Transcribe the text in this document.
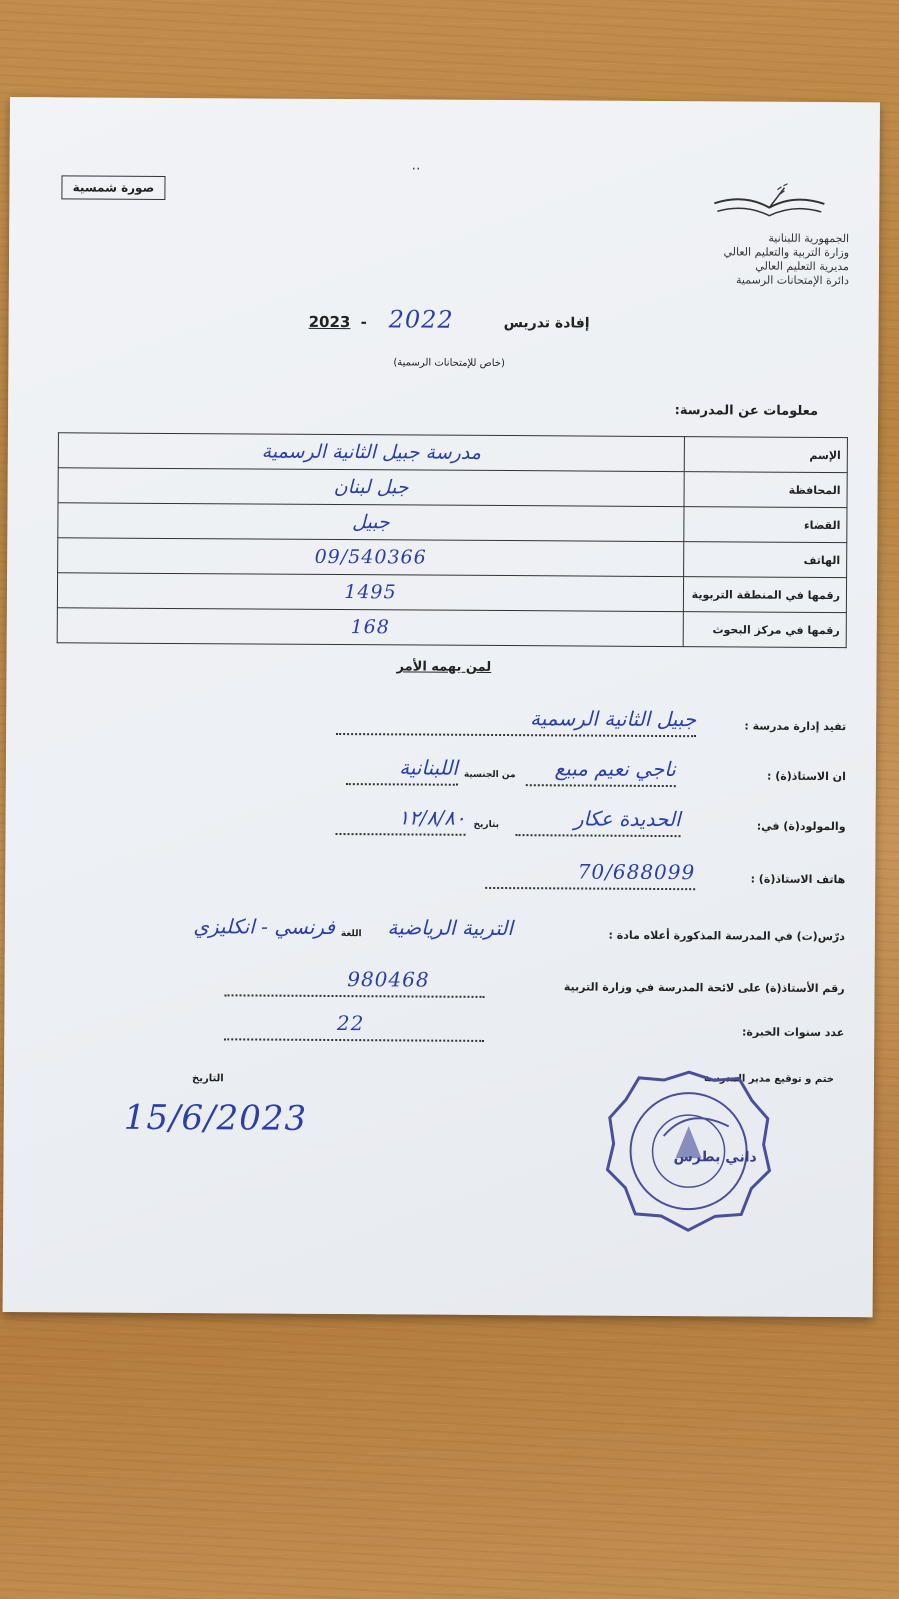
··
صورة شمسية
الجمهورية اللبنانية
وزارة التربية والتعليم العالي
مديرية التعليم العالي
دائرة الإمتحانات الرسمية
2023 - 2022	إفادة تدريس
(خاص للإمتحانات الرسمية)
معلومات عن المدرسة:
مدرسة جبيل الثانية الرسمية	الإسم
جبل لبنان	المحافظة
جبيل	القضاء
09/540366	الهاتف
1495	رقمها في المنطقة التربوية
168	رقمها في مركز البحوث
لمن يهمه الأمر
تفيد إدارة مدرسة :
جبيل الثانية الرسمية
ان الاستاذ(ة) :
ناجي نعيم مبيع
من الجنسية
اللبنانية
والمولود(ة) في:
الحديدة عكار
بتاريخ
١٢/٨/٨٠
هاتف الاستاذ(ة) :
70/688099
درّس(ت) في المدرسة المذكورة أعلاه مادة :
التربية الرياضية
اللغة
فرنسي - انكليزي
رقم الأستاذ(ة) على لائحة المدرسة في وزارة التربية
980468
عدد سنوات الخبرة:
22
ختم و توقيع مدير المدرسة
التاريخ
15/6/2023
داني بطرس
